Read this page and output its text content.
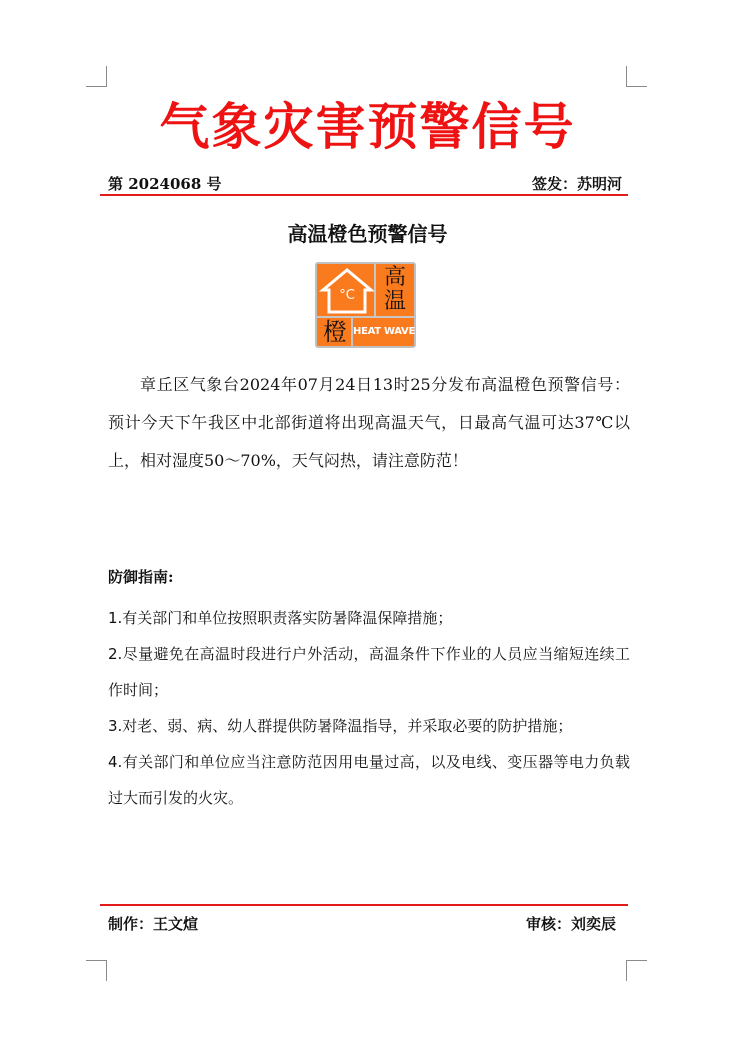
气象灾害预警信号
第 2024068 号	签发：苏明河
高温橙色预警信号
°C
高
温
橙 HEAT WAVE
章丘区气象台2024年07月24日13时25分发布高温橙色预警信号：预计今天下午我区中北部街道将出现高温天气，日最高气温可达37℃以上，相对湿度50～70%，天气闷热，请注意防范！
防御指南:

1.有关部门和单位按照职责落实防暑降温保障措施；

2.尽量避免在高温时段进行户外活动，高温条件下作业的人员应当缩短连续工作时间；

3.对老、弱、病、幼人群提供防暑降温指导，并采取必要的防护措施；

4.有关部门和单位应当注意防范因用电量过高，以及电线、变压器等电力负载过大而引发的火灾。

制作：王文煊	审核：刘奕辰
